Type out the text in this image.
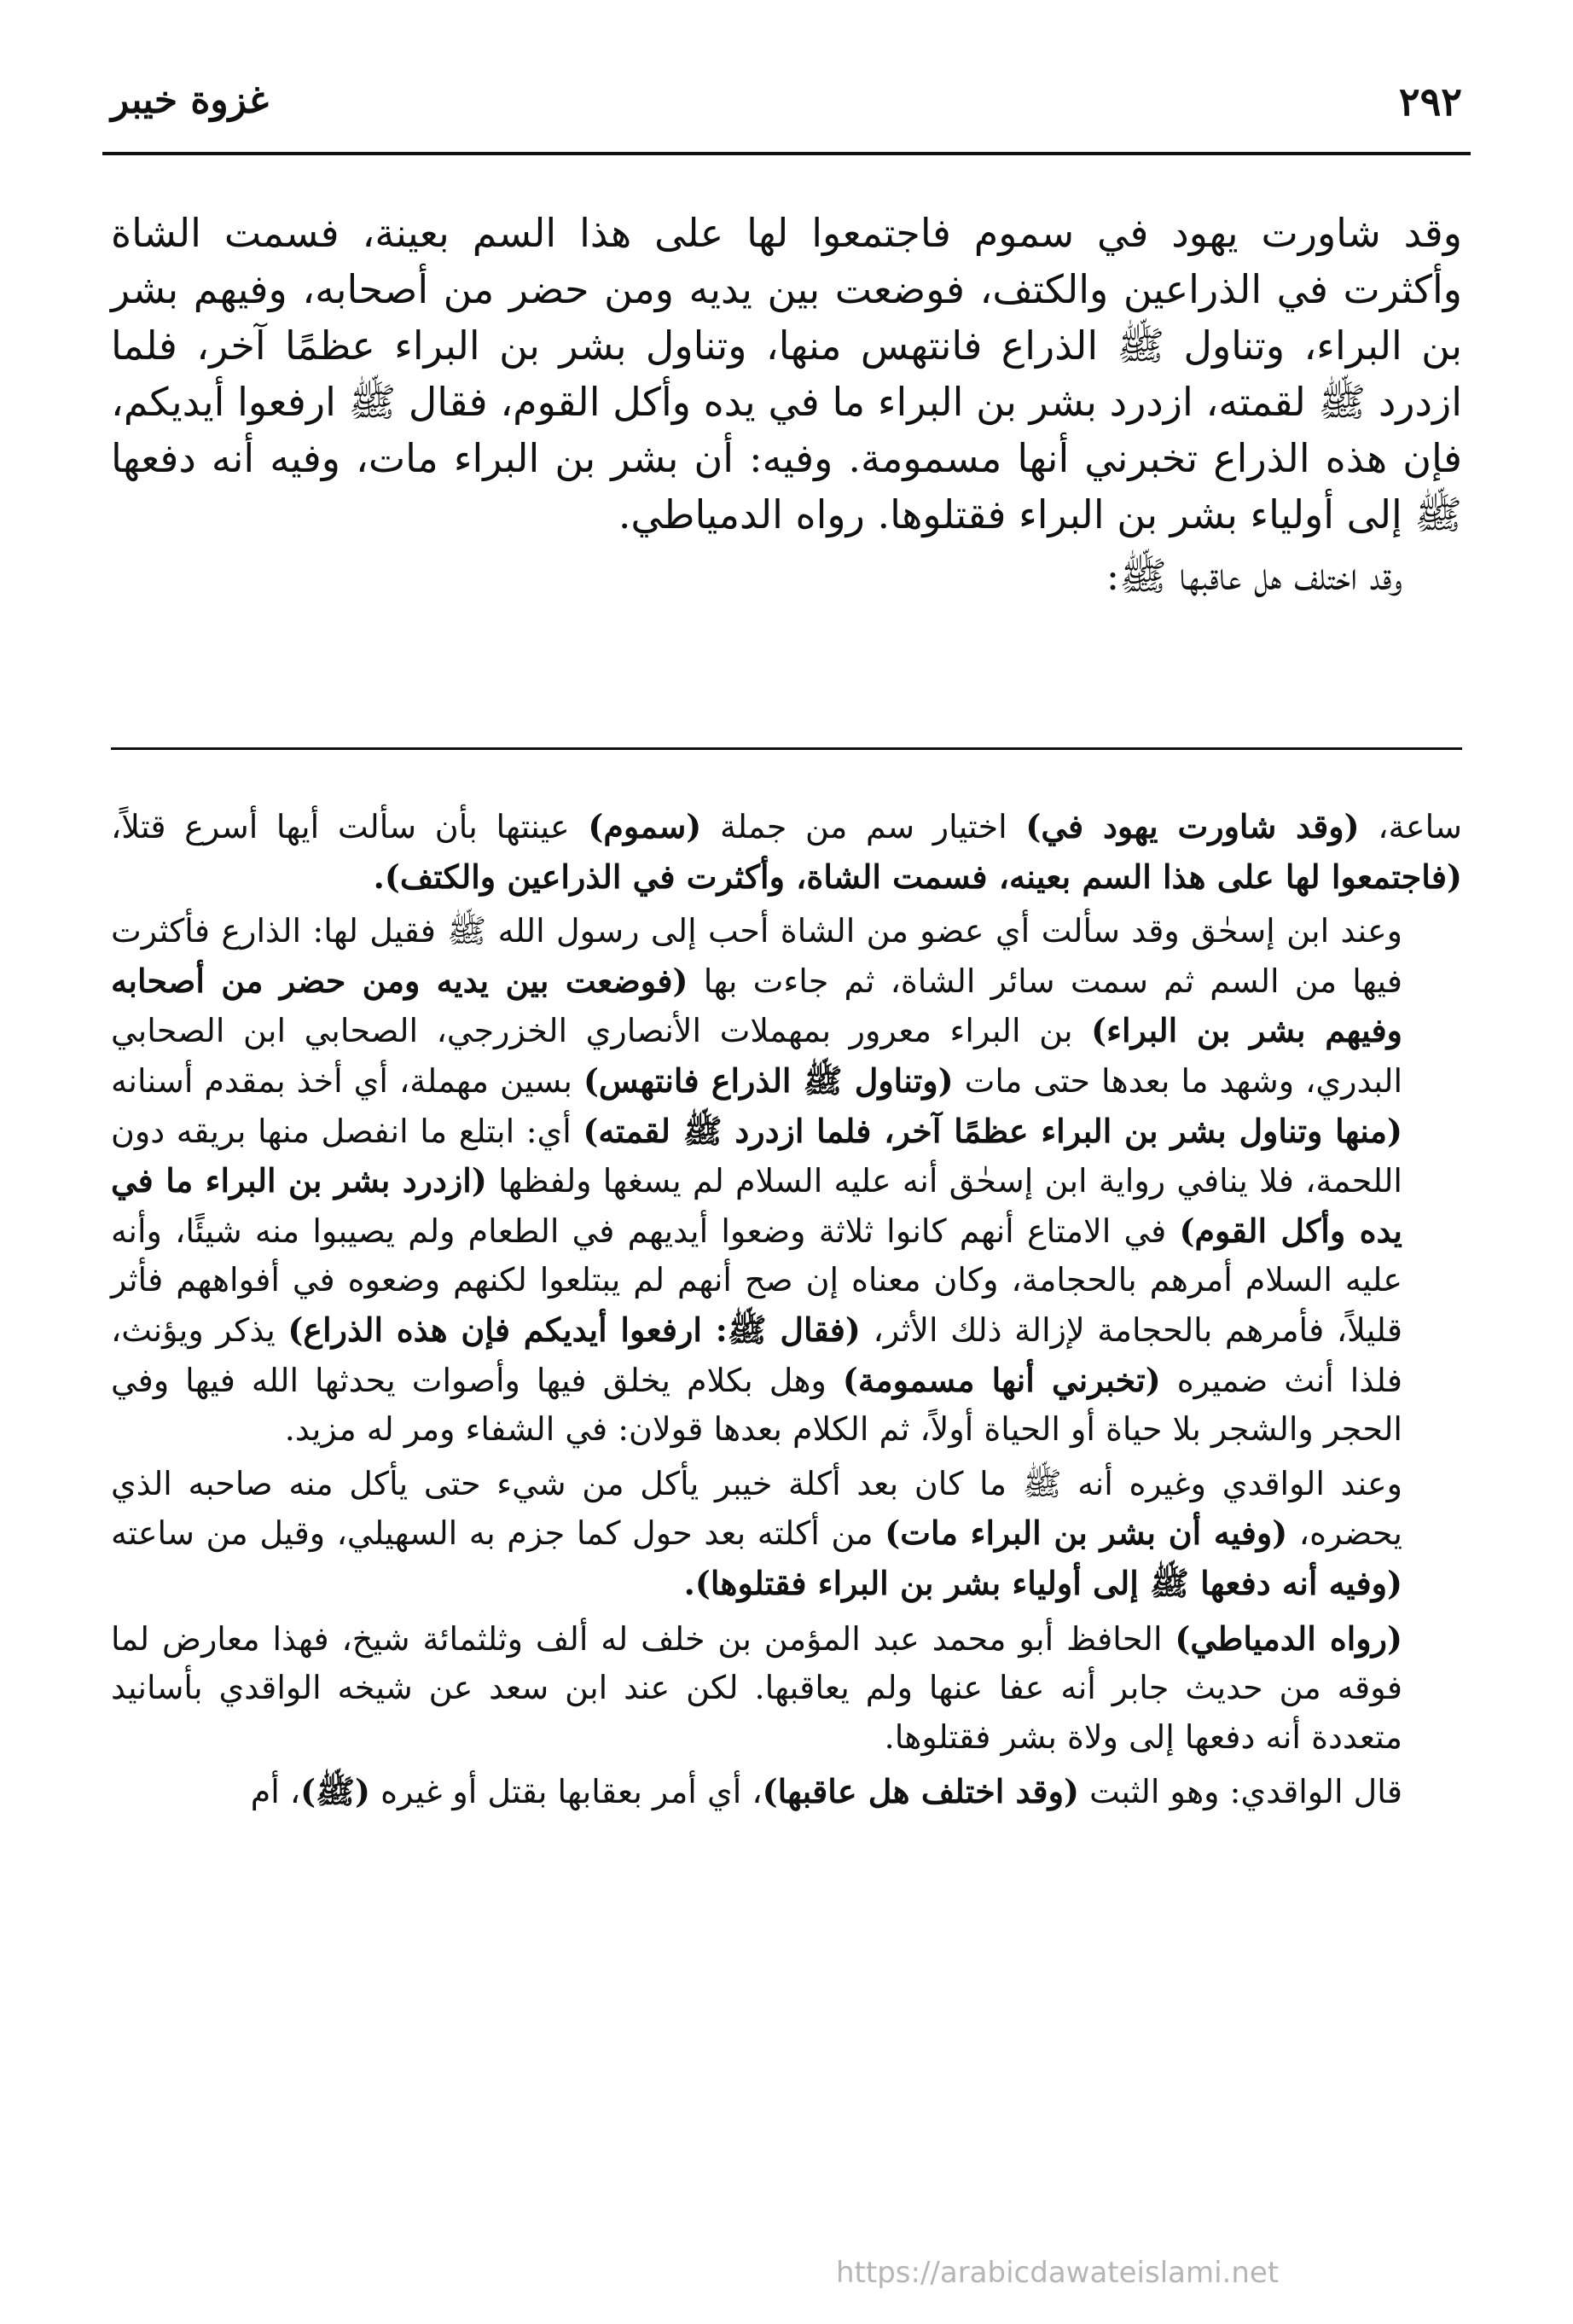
٢٩٢
غزوة خيبر

وقد شاورت يهود في سموم فاجتمعوا لها على هذا السم بعينة، فسمت الشاة وأكثرت في الذراعين والكتف، فوضعت بين يديه ومن حضر من أصحابه، وفيهم بشر بن البراء، وتناول ﷺ الذراع فانتهس منها، وتناول بشر بن البراء عظمًا آخر، فلما ازدرد ﷺ لقمته، ازدرد بشر بن البراء ما في يده وأكل القوم، فقال ﷺ ارفعوا أيديكم، فإن هذه الذراع تخبرني أنها مسمومة. وفيه: أن بشر بن البراء مات، وفيه أنه دفعها ﷺ إلى أولياء بشر بن البراء فقتلوها. رواه الدمياطي.

وقد اختلف هل عاقبها ﷺ:

ساعة، (وقد شاورت يهود في) اختيار سم من جملة (سموم) عينتها بأن سألت أيها أسرع قتلاً، (فاجتمعوا لها على هذا السم بعينه، فسمت الشاة، وأكثرت في الذراعين والكتف).

وعند ابن إسحٰق وقد سألت أي عضو من الشاة أحب إلى رسول الله ﷺ فقيل لها: الذارع فأكثرت فيها من السم ثم سمت سائر الشاة، ثم جاءت بها (فوضعت بين يديه ومن حضر من أصحابه وفيهم بشر بن البراء) بن البراء معرور بمهملات الأنصاري الخزرجي، الصحابي ابن الصحابي البدري، وشهد ما بعدها حتى مات (وتناول ﷺ الذراع فانتهس) بسين مهملة، أي أخذ بمقدم أسنانه (منها وتناول بشر بن البراء عظمًا آخر، فلما ازدرد ﷺ لقمته) أي: ابتلع ما انفصل منها بريقه دون اللحمة، فلا ينافي رواية ابن إسحٰق أنه عليه السلام لم يسغها ولفظها (ازدرد بشر بن البراء ما في يده وأكل القوم) في الامتاع أنهم كانوا ثلاثة وضعوا أيديهم في الطعام ولم يصيبوا منه شيئًا، وأنه عليه السلام أمرهم بالحجامة، وكان معناه إن صح أنهم لم يبتلعوا لكنهم وضعوه في أفواههم فأثر قليلاً، فأمرهم بالحجامة لإزالة ذلك الأثر، (فقال ﷺ: ارفعوا أيديكم فإن هذه الذراع) يذكر ويؤنث، فلذا أنث ضميره (تخبرني أنها مسمومة) وهل بكلام يخلق فيها وأصوات يحدثها الله فيها وفي الحجر والشجر بلا حياة أو الحياة أولاً، ثم الكلام بعدها قولان: في الشفاء ومر له مزيد.

وعند الواقدي وغيره أنه ﷺ ما كان بعد أكلة خيبر يأكل من شيء حتى يأكل منه صاحبه الذي يحضره، (وفيه أن بشر بن البراء مات) من أكلته بعد حول كما جزم به السهيلي، وقيل من ساعته (وفيه أنه دفعها ﷺ إلى أولياء بشر بن البراء فقتلوها).

(رواه الدمياطي) الحافظ أبو محمد عبد المؤمن بن خلف له ألف وثلثمائة شيخ، فهذا معارض لما فوقه من حديث جابر أنه عفا عنها ولم يعاقبها. لكن عند ابن سعد عن شيخه الواقدي بأسانيد متعددة أنه دفعها إلى ولاة بشر فقتلوها.

قال الواقدي: وهو الثبت (وقد اختلف هل عاقبها)، أي أمر بعقابها بقتل أو غيره (ﷺ)، أم

https://arabicdawateislami.net
